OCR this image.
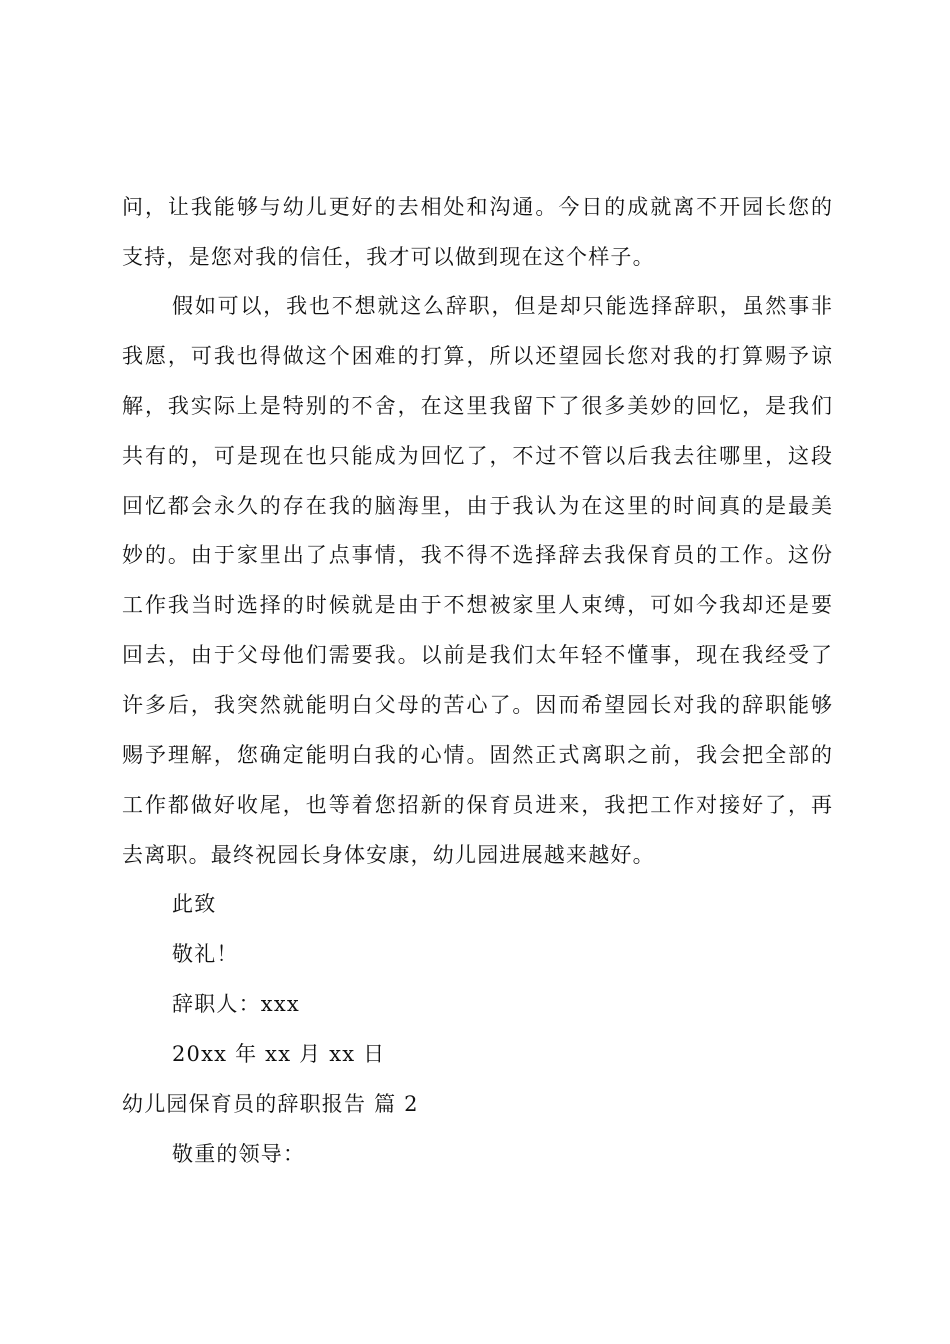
问，让我能够与幼儿更好的去相处和沟通。今日的成就离不开园长您的
支持，是您对我的信任，我才可以做到现在这个样子。
假如可以，我也不想就这么辞职，但是却只能选择辞职，虽然事非
我愿，可我也得做这个困难的打算，所以还望园长您对我的打算赐予谅
解，我实际上是特别的不舍，在这里我留下了很多美妙的回忆，是我们
共有的，可是现在也只能成为回忆了，不过不管以后我去往哪里，这段
回忆都会永久的存在我的脑海里，由于我认为在这里的时间真的是最美
妙的。由于家里出了点事情，我不得不选择辞去我保育员的工作。这份
工作我当时选择的时候就是由于不想被家里人束缚，可如今我却还是要
回去，由于父母他们需要我。以前是我们太年轻不懂事，现在我经受了
许多后，我突然就能明白父母的苦心了。因而希望园长对我的辞职能够
赐予理解，您确定能明白我的心情。固然正式离职之前，我会把全部的
工作都做好收尾，也等着您招新的保育员进来，我把工作对接好了，再
去离职。最终祝园长身体安康，幼儿园进展越来越好。
此致
敬礼！
辞职人：xxx
20xx 年 xx 月 xx 日
幼儿园保育员的辞职报告 篇 2
敬重的领导：
